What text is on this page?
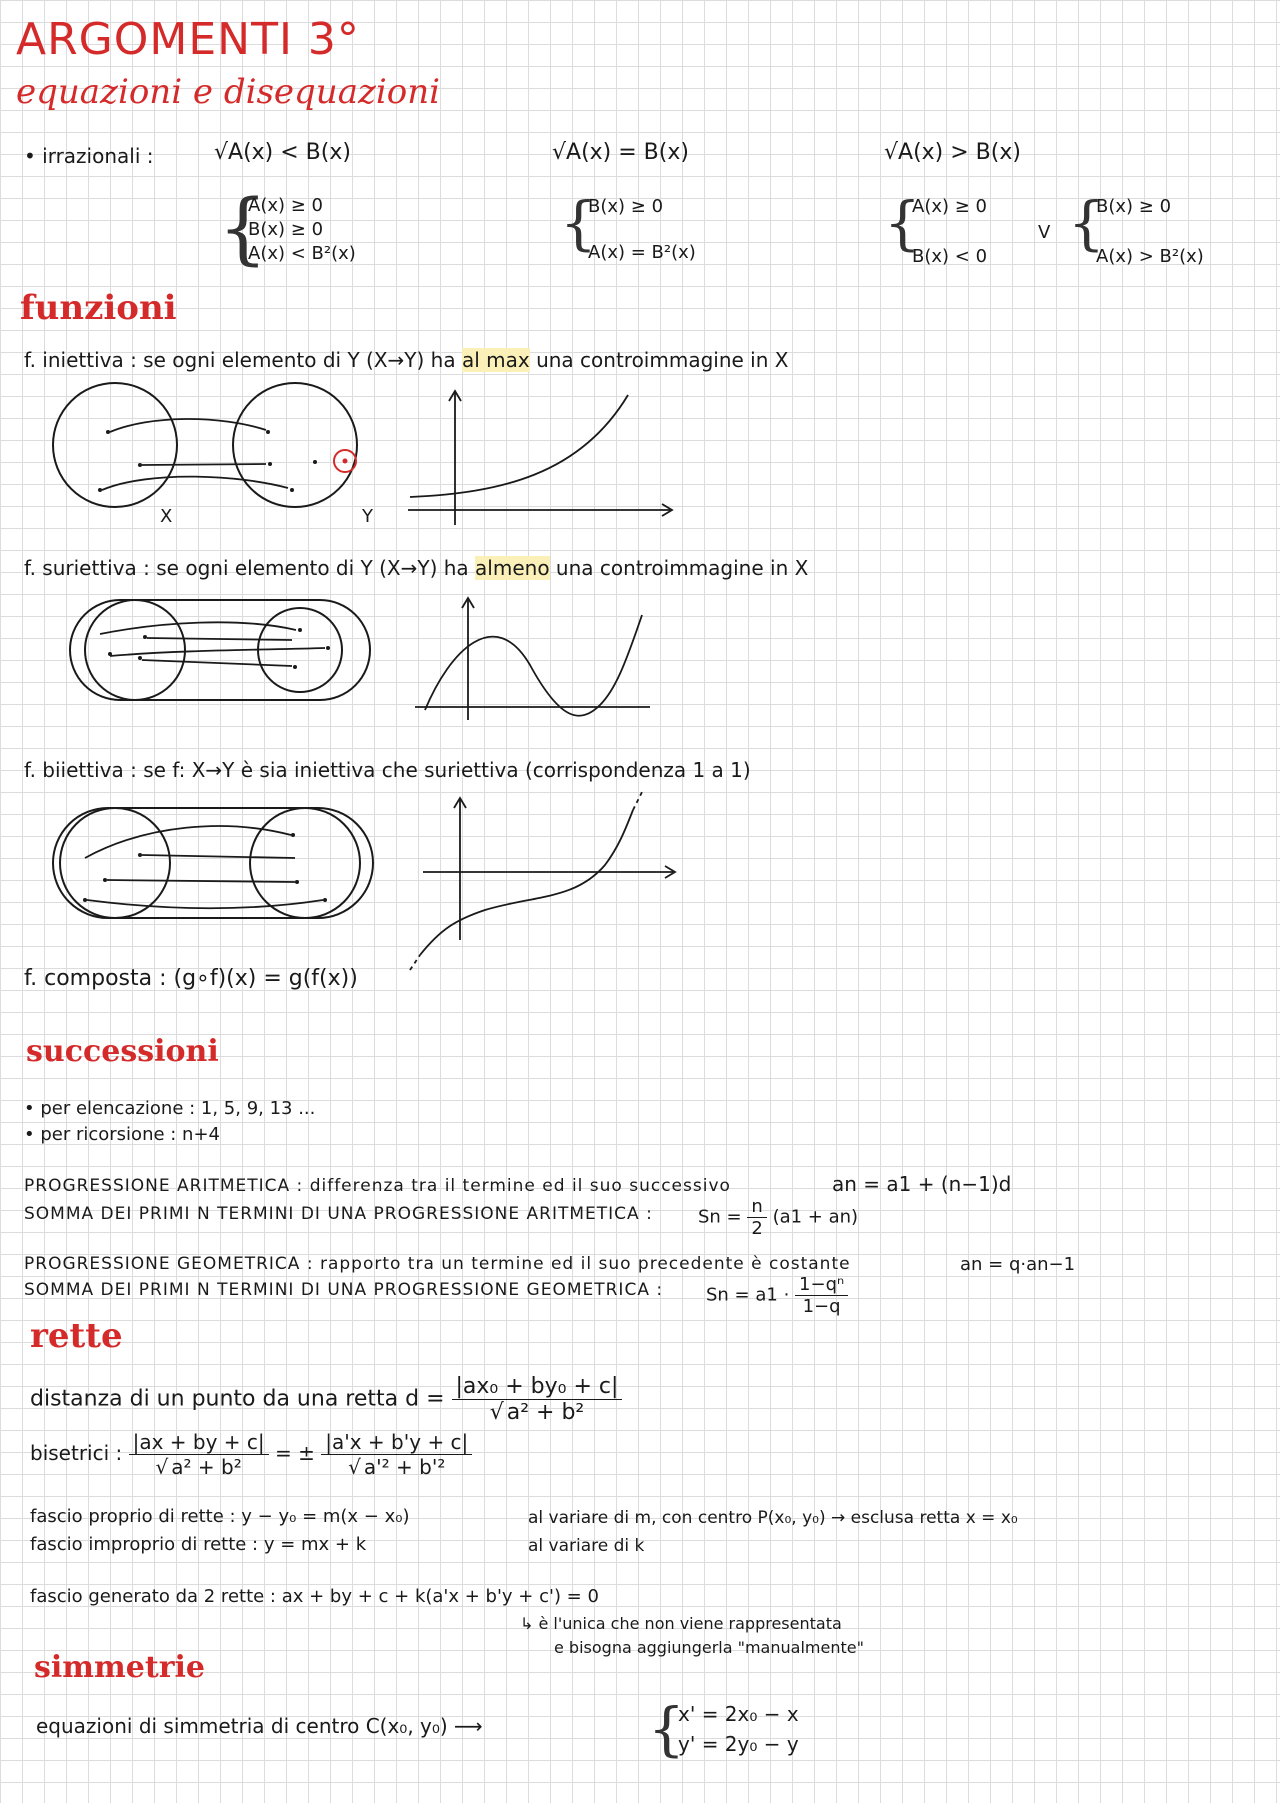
ARGOMENTI 3°
equazioni e disequazioni
• irrazionali :	√A(x) < B(x)
{
A(x) ≥ 0
B(x) ≥ 0
A(x) < B²(x)
√A(x) = B(x)
{
B(x) ≥ 0
A(x) = B²(x)
√A(x) > B(x)
{
A(x) ≥ 0
B(x) < 0
V {
B(x) ≥ 0
A(x) > B²(x)
funzioni
f. iniettiva : se ogni elemento di Y (X→Y) ha al max una controimmagine in X
X	Y
f. suriettiva : se ogni elemento di Y (X→Y) ha almeno una controimmagine in X
f. biiettiva : se f: X→Y è sia iniettiva che suriettiva (corrispondenza 1 a 1)
f. composta : (g∘f)(x) = g(f(x))
successioni
• per elencazione : 1, 5, 9, 13 ...
• per ricorsione : n+4
PROGRESSIONE ARITMETICA : differenza tra il termine ed il suo successivo	an = a1 + (n−1)d
SOMMA DEI PRIMI N TERMINI DI UNA PROGRESSIONE ARITMETICA :	$Sn = \frac{n}{2} (a1 + an)$
PROGRESSIONE GEOMETRICA : rapporto tra un termine ed il suo precedente è costante	an = q·an−1
SOMMA DEI PRIMI N TERMINI DI UNA PROGRESSIONE GEOMETRICA : $Sn = a1 \cdot \frac{\text{1−qⁿ}}{1-q}$
rette
distanza di un punto da una retta $d = \frac{\text{|ax₀ + by₀ + c|}}{\text{√ a² + b²}}$
bisetrici : $\frac{|ax + by + c|}{\text{√ a² + b²}}$ = ± $\frac{|a'x + b'y + c|}{\text{√ a'² + b'²}}$
fascio proprio di rette : y − y₀ = m(x − x₀)	al variare di m, con centro P(x₀, y₀) → esclusa retta x = x₀
fascio improprio di rette : y = mx + k	al variare di k
fascio generato da 2 rette : ax + by + c + k(a'x + b'y + c') = 0
↳ è l'unica che non viene rappresentata
e bisogna aggiungerla "manualmente"
simmetrie
equazioni di simmetria di centro C(x₀, y₀) ⟶	{
x' = 2x₀ − x
y' = 2y₀ − y
